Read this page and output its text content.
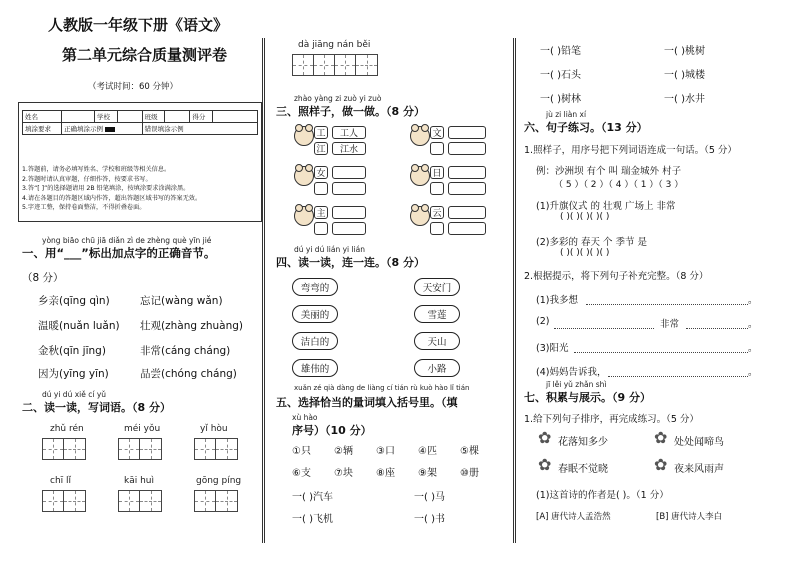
人教版一年级下册《语文》
第二单元综合质量测评卷
（考试时间：60 分钟）
姓名		学校		班级		得分	
填涂要求	正确填涂示例			错误填涂示例			
1.答题前，请务必填写姓名、学校和班级等相关信息。
2.答题时请认真审题，仔细作答，按要求书写。
3.答“[ ]”的选择题请用 2B 铅笔填涂，按填涂要求涂满涂黑。
4.请在各题目的答题区域内作答，超出答题区域书写的答案无效。
5.字迹工整，保持卷面整洁，不得折叠卷面。
yòng biāo chū jiā diǎn zì de zhèng què yīn jié
一、用“___”标出加点字的正确音节。
（8 分）
乡亲(qīng qìn)	忘记(wàng wǎn)
温暖(nuǎn luǎn) 壮观(zhàng zhuàng)
金秋(qīn jīng)	非常(cáng cháng)
因为(yīng yīn)	品尝(chóng cháng)
dú yi dú xiě cí yǔ
二、读一读，写词语。（8 分）
zhǔ rén	méi yǒu	yǐ hòu
chī lǐ	kāi huì	gōng píng
dà jiāng nán běi
zhào yàng zi zuò yi zuò
三、照样子，做一做。（8 分）
工	工人
江	江水
文
女	日
主	云
dú yi dú lián yi lián
四、读一读，连一连。（8 分）
弯弯的
美丽的
洁白的
雄伟的
天安门
雪莲
天山
小路
xuǎn zé qià dàng de liàng cí tián rù kuò hào lǐ tián
五、选择恰当的量词填入括号里。（填
xù hào
序号）（10 分）
①只 ②辆 ③口 ④匹 ⑤棵
⑥支 ⑦块 ⑧座 ⑨架 ⑩册
一( )汽车	一( )马
一( )飞机	一( )书
一( )铅笔	一( )桃树
一( )石头	一( )城楼
一( )树林	一( )水井
jù zi liàn xí
六、句子练习。（13 分）
1.照样子，用序号把下列词语连成一句话。（5 分）
例：沙洲坝 有个 叫 瑞金城外 村子
（ 5 ）（ 2 ）（ 4 ）（ 1 ）（ 3 ）
(1)升旗仪式 的 壮观 广场上 非常
( )( )( )( )( )
(2)多彩的 春天 个 季节 是
( )( )( )( )( )
2.根据提示，将下列句子补充完整。（8 分）
(1)我多想	。
(2)	非常	。
(3)阳光	。
(4)妈妈告诉我，	。
jī lěi yǔ zhǎn shì
七、积累与展示。（9 分）
1.给下列句子排序，再完成练习。（5 分）
✿ 花落知多少	✿ 处处闻啼鸟
✿ 春眠不觉晓	✿ 夜来风雨声
(1)这首诗的作者是( )。（1 分）
[A] 唐代诗人孟浩然	[B] 唐代诗人李白
